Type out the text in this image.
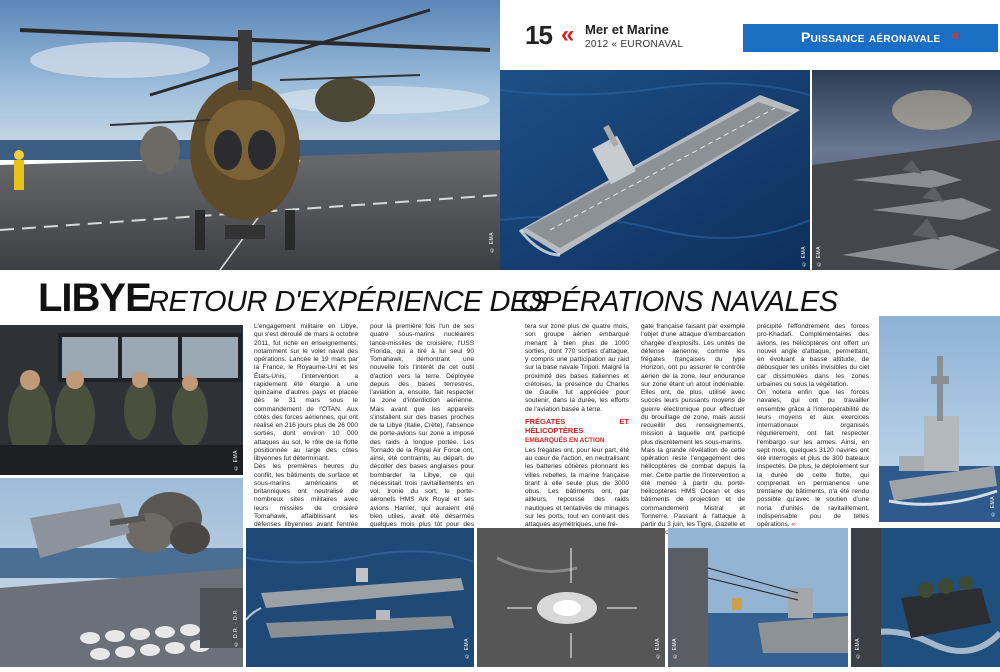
© EMA
15 « Mer et Marine
2012 « EURONAVAL	Puissance aéronavale «
© EMA © EMA
LIBYE
RETOUR D'EXPÉRIENCE DES
OPÉRATIONS NAVALES
© EMA
© D.R. · D.R.

L'engagement militaire en Libye, qui s'est déroulé de mars à octobre 2011, fut riche en enseignements, notamment sur le volet naval des opérations. Lancée le 19 mars par la France, le Royaume-Uni et les États-Unis, l'intervention a rapidement été élargie à une quinzaine d'autres pays et placée dès le 31 mars sous le commandement de l'OTAN. Aux côtés des forces aériennes, qui ont réalisé en 216 jours plus de 26 000 sorties, dont environ 10 000 attaques au sol, le rôle de la flotte positionnée au large des côtes libyennes fut déterminant.

Dès les premières heures du conflit, les bâtiments de surface et sous-marins américains et britanniques ont neutralisé de nombreux sites militaires avec leurs missiles de croisière Tomahawk, affaiblissant les défenses libyennes avant l'entrée

pour la première fois l'un de ses quatre sous-marins nucléaires lance-missiles de croisière, l'USS Florida, qui a tiré à lui seul 90 Tomahawk, démontrant une nouvelle fois l'intérêt de cet outil d'action vers la terre. Déployée depuis des bases terrestres, l'aviation a, ensuite, fait respecter la zone d'interdiction aérienne. Mais avant que les appareils s'installent sur des bases proches de la Libye (Italie, Crète), l'absence de porte-avions sur zone a imposé des raids à longue portée. Les Tornado de la Royal Air Force ont, ainsi, été contraints, au départ, de décoller des bases anglaises pour bombarder la Libye, ce qui nécessitait trois ravitaillements en vol. Ironie du sort, le porte-aéronefs HMS Ark Royal et ses avions Harrier, qui auraient été bien utiles, avait été désarmés quelques mois plus tôt pour des

tera sur zone plus de quatre mois, son groupe aérien embarqué menant à bien plus de 1000 sorties, dont 770 sorties d'attaque, y compris une participation au raid sur la base navale Tripoli. Malgré la proximité des bases italiennes et crétoises, la présence du Charles de Gaulle fut appréciée pour soutenir, dans la durée, les efforts de l'aviation basée à terre.

FRÉGATES ET HÉLICOPTÈRES
EMBARQUÉS EN ACTION

Les frégates ont, pour leur part, été au cœur de l'action, en neutralisant les batteries côtières pilonnant les villes rebelles, la marine française tirant à elle seule plus de 3000 obus. Les bâtiments ont, par ailleurs, repoussé des raids nautiques et tentatives de minages sur les ports, tout en contrant des attaques asymétriques, une fré-

gate française faisant par exemple l'objet d'une attaque d'embarcation chargée d'explosifs. Les unités de défense aérienne, comme les frégates françaises du type Horizon, ont pu assurer le contrôle aérien de la zone, leur endurance sur zone étant un atout indéniable. Elles ont, de plus, utilisé avec succès leurs puissants moyens de guerre électronique pour effectuer du brouillage de zone, mais aussi recueillir des renseignements, mission à laquelle ont participé plus discrètement les sous-marins.

Mais la grande révélation de cette opération reste l'engagement des hélicoptères de combat depuis la mer. Cette partie de l'intervention a été menée à partir du porte-hélicoptères HMS Ocean et des bâtiments de projection et de commandement Mistral et Tonnerre. Passant à l'attaque à partir du 3 juin, les Tigre, Gazelle et

précipité l'effondrement des forces pro-Khadafi. Complémentaires des avions, les hélicoptères ont offert un nouvel angle d'attaque, permettant, en évoluant à basse altitude, de débusquer les unités invisibles du ciel car dissimulées dans les zones urbaines ou sous la végétation.

On notera enfin que les forces navales, qui ont pu travailler ensemble grâce à l'interopérabilité de leurs moyens et aux exercices internationaux organisés régulièrement, ont fait respecter l'embargo sur les armes. Ainsi, en sept mois, quelques 3120 navires ont été interrogés et plus de 300 bateaux inspectés. De plus, le déploiement sur la durée de cette flotte, qui comprenait en permanence une trentaine de bâtiments, n'a été rendu possible qu'avec le soutien d'une noria d'unités de ravitaillement, indispensable pou de telles opérations. «

© EMA
© EMA	© EMA © EMA	© EMA
